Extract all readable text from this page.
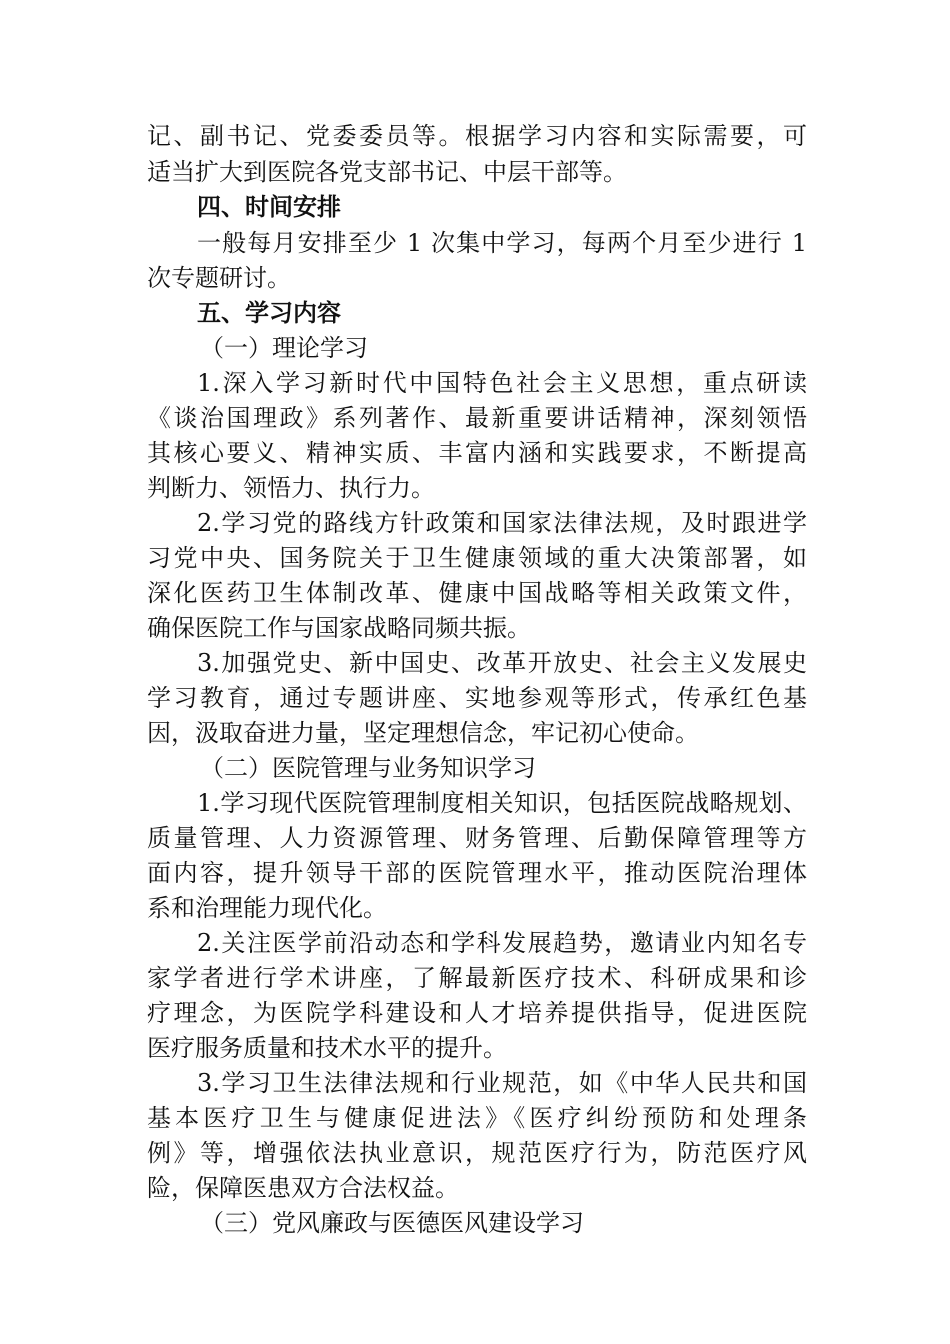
记、副书记、党委委员等。根据学习内容和实际需要，可
适当扩大到医院各党支部书记、中层干部等。
四、时间安排
一般每月安排至少 1 次集中学习，每两个月至少进行 1
次专题研讨。
五、学习内容
（一）理论学习
1.深入学习新时代中国特色社会主义思想，重点研读
《谈治国理政》系列著作、最新重要讲话精神，深刻领悟
其核心要义、精神实质、丰富内涵和实践要求，不断提高
判断力、领悟力、执行力。
2.学习党的路线方针政策和国家法律法规，及时跟进学
习党中央、国务院关于卫生健康领域的重大决策部署，如
深化医药卫生体制改革、健康中国战略等相关政策文件，
确保医院工作与国家战略同频共振。
3.加强党史、新中国史、改革开放史、社会主义发展史
学习教育，通过专题讲座、实地参观等形式，传承红色基
因，汲取奋进力量，坚定理想信念，牢记初心使命。
（二）医院管理与业务知识学习
1.学习现代医院管理制度相关知识，包括医院战略规划、
质量管理、人力资源管理、财务管理、后勤保障管理等方
面内容，提升领导干部的医院管理水平，推动医院治理体
系和治理能力现代化。
2.关注医学前沿动态和学科发展趋势，邀请业内知名专
家学者进行学术讲座，了解最新医疗技术、科研成果和诊
疗理念，为医院学科建设和人才培养提供指导，促进医院
医疗服务质量和技术水平的提升。
3.学习卫生法律法规和行业规范，如《中华人民共和国
基本医疗卫生与健康促进法》《医疗纠纷预防和处理条
例》等，增强依法执业意识，规范医疗行为，防范医疗风
险，保障医患双方合法权益。
（三）党风廉政与医德医风建设学习
